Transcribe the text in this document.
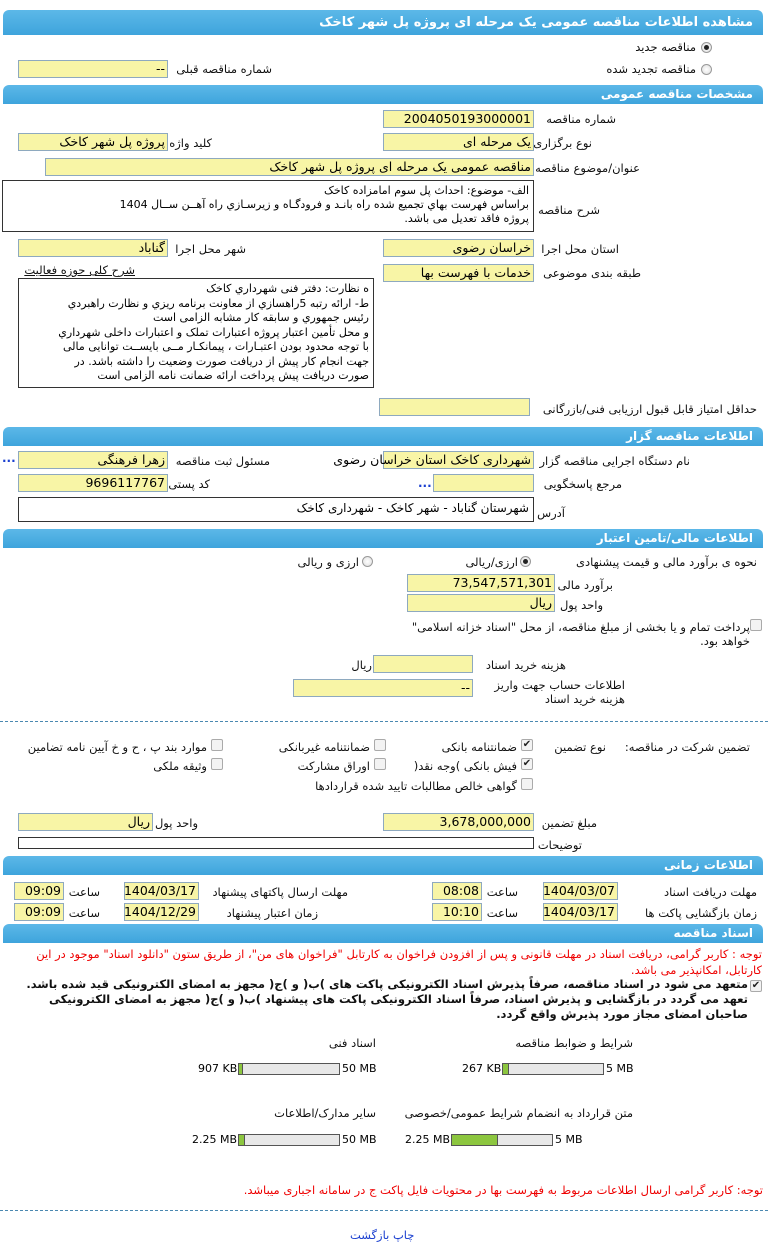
مشاهده اطلاعات مناقصه عمومی یک مرحله ای پروژه پل شهر کاخک
مناقصه جدید
مناقصه تجدید شده
-- شماره مناقصه قبلی
مشخصات مناقصه عمومی
2004050193000001 شماره مناقصه
یک مرحله ای نوع برگزاری
پروژه پل شهر کاخک کلید واژه
مناقصه عمومی یک مرحله ای پروژه پل شهر کاخک عنوان/موضوع مناقصه
الف- موضوع: احداث پل سوم امامزاده کاخک
براساس فهرست بهاي تجميع شده راه بانـد و فرودگـاه و زيرسـازي راه آهــن ســال 1404
پروژه فاقد تعدیل می باشد.
شرح مناقصه
خراسان رضوی استان محل اجرا
گناباد شهر محل اجرا
خدمات با فهرست بها طبقه بندی موضوعی
شرح کلی حوزه فعالیت
ه نظارت: دفتر فنی شهرداري کاخک
ط- ارائه رتبه 5راهسازي از معاونت برنامه ريزي و نظارت راهبردي
رئيس جمهوري و سابقه کار مشابه الزامی است
و محل تأمین اعتبار پروژه اعتبارات تملک و اعتبارات داخلی شهرداري
با توجه محدود بودن اعتبـارات ، پیمانکـار مــی بایســت توانایی مالی
جهت انجام کار پیش از دریافت صورت وضعیت را داشته باشد. در
صورت دریافت پیش پرداخت ارائه ضمانت نامه الزامی است
حداقل امتیاز قابل قبول ارزیابی فنی/بازرگانی
اطلاعات مناقصه گزار
شهرداری کاخک استان خراسان رضوی نام دستگاه اجرایی مناقصه گزار
زهرا فرهنگی مسئول ثبت مناقصه
...
مرجع پاسخگویی
...
9696117767 کد پستی
شهرستان گناباد - شهر کاخک - شهرداری کاخک آدرس
اطلاعات مالی/تامین اعتبار
نحوه ی برآورد مالی و قیمت پیشنهادی
ارزی/ریالی
ارزی و ریالی
73,547,571,301 برآورد مالی
ریال واحد پول
پرداخت تمام و یا بخشی از مبلغ مناقصه، از محل "اسناد خزانه اسلامی" خواهد بود.
ریال	هزینه خرید اسناد
--	اطلاعات حساب جهت واریز هزینه خرید اسناد
تضمین شرکت در مناقصه:
نوع تضمین
✔
ضمانتنامه بانکی
ضمانتنامه غیربانکی
موارد بند پ ، ح و خ آیین نامه تضامین
✔
فیش بانکی )وجه نقد(
اوراق مشارکت
وثیقه ملکی
گواهی خالص مطالبات تایید شده قراردادها
3,678,000,000 مبلغ تضمین
ریال واحد پول
توضیحات
اطلاعات زمانی
1404/03/07	مهلت دریافت اسناد
08:08 ساعت
1404/03/17 مهلت ارسال پاکتهای پیشنهاد
09:09 ساعت
1404/03/17	زمان بازگشایی پاکت ها
10:10 ساعت
1404/12/29	زمان اعتبار پیشنهاد
09:09 ساعت
اسناد مناقصه
توجه : کاربر گرامی، دریافت اسناد در مهلت قانونی و پس از افزودن فراخوان به کارتابل "فراخوان های من"، از طریق ستون "دانلود اسناد" موجود در این کارتابل، امکانپذیر می باشد.
✔
متعهد می شود در اسناد مناقصه، صرفاً پذيرش اسناد الکترونيکی پاکت های )ب( و )ج( مجهز به امضای الکترونیکی قید شده باشد. تعهد می گردد در بازگشايی و پذيرش اسناد، صرفاً اسناد الکترونيکی پاکت های پيشنهاد )ب( و )ج( مجهز به امضای الکترونیکی صاحبان امضای مجاز مورد پذيرش واقع گردد.
شرایط و ضوابط مناقصه
267 KB	5 MB
اسناد فنی
907 KB	50 MB
متن قرارداد به انضمام شرایط عمومی/خصوصی
2.25 MB	5 MB
سایر مدارک/اطلاعات
2.25 MB	50 MB
توجه: کاربر گرامی ارسال اطلاعات مربوط به فهرست بها در محتویات فایل پاکت ج در سامانه اجباری میباشد.
چاپ بازگشت
